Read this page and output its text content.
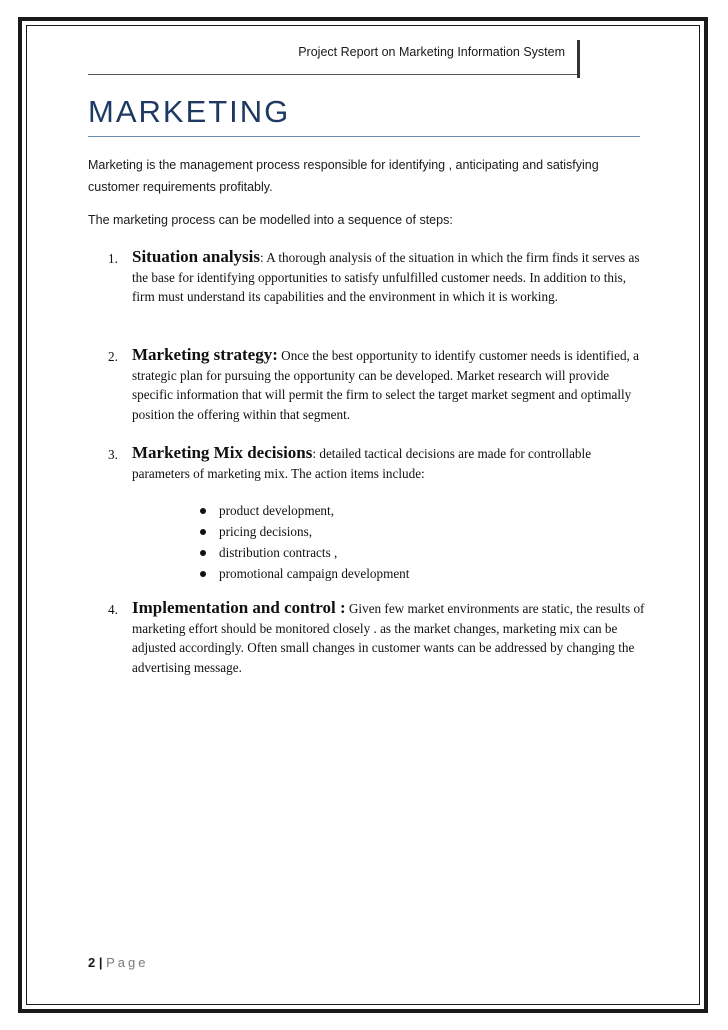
Project Report on Marketing Information System
MARKETING

Marketing is the management process responsible for identifying , anticipating and satisfying customer requirements profitably.

The marketing process can be modelled into a sequence of steps:

1. Situation analysis: A thorough analysis of the situation in which the firm finds it serves as the base for identifying opportunities to satisfy unfulfilled customer needs. In addition to this, firm must understand its capabilities and the environment in which it is working.
2. Marketing strategy: Once the best opportunity to identify customer needs is identified, a strategic plan for pursuing the opportunity can be developed. Market research will provide specific information that will permit the firm to select the target market segment and optimally position the offering within that segment.
3. Marketing Mix decisions: detailed tactical decisions are made for controllable parameters of marketing mix. The action items include:
product development,
pricing decisions,
distribution contracts ,
promotional campaign development
4. Implementation and control : Given few market environments are static, the results of marketing effort should be monitored closely . as the market changes, marketing mix can be adjusted accordingly. Often small changes in customer wants can be addressed by changing the advertising message.
2 | Page
